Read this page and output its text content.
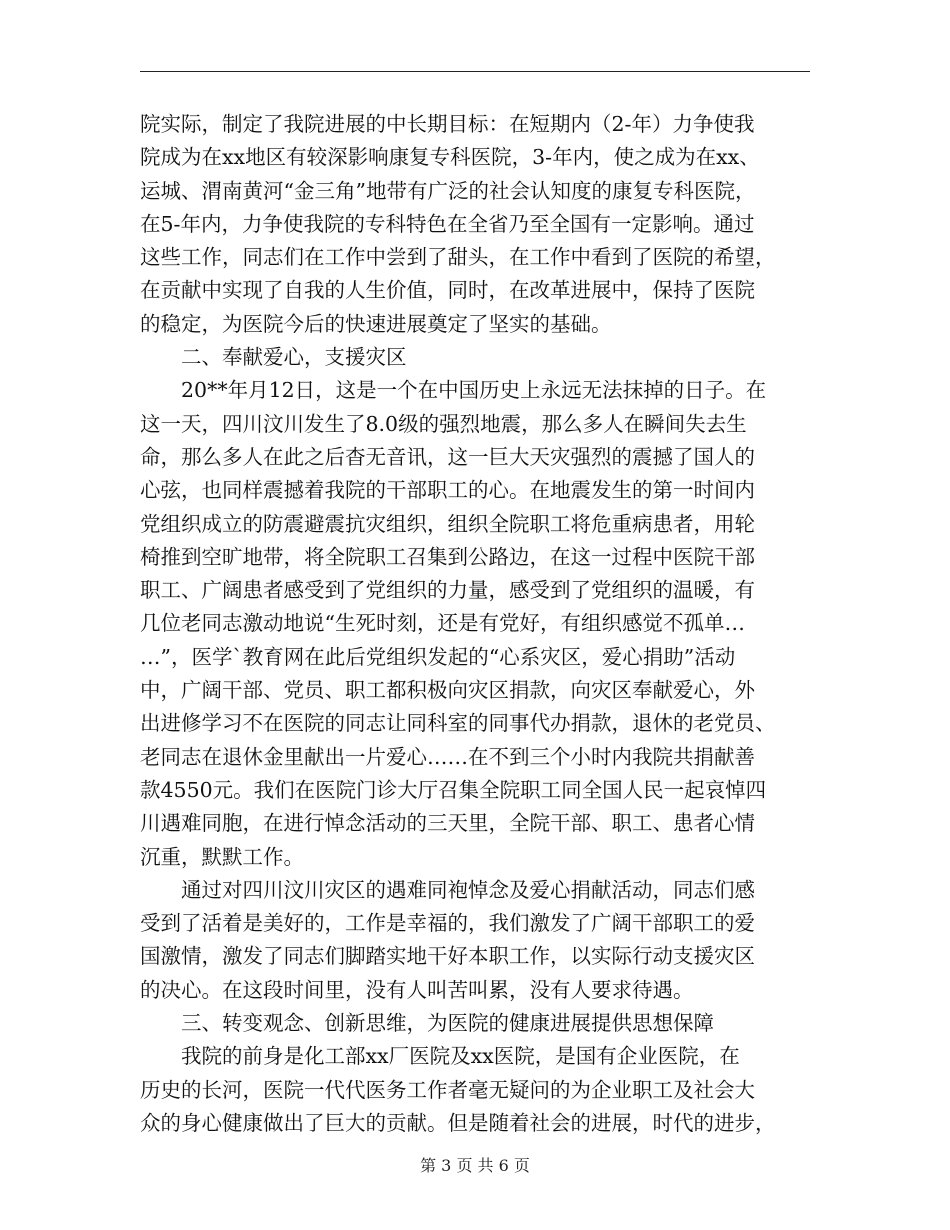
院实际，制定了我院进展的中长期目标：在短期内（2-年）力争使我
院成为在xx地区有较深影响康复专科医院，3-年内，使之成为在xx、
运城、渭南黄河“金三角”地带有广泛的社会认知度的康复专科医院，
在5-年内，力争使我院的专科特色在全省乃至全国有一定影响。通过
这些工作，同志们在工作中尝到了甜头，在工作中看到了医院的希望，
在贡献中实现了自我的人生价值，同时，在改革进展中，保持了医院
的稳定，为医院今后的快速进展奠定了坚实的基础。
　　二、奉献爱心，支援灾区
　　20**年月12日，这是一个在中国历史上永远无法抹掉的日子。在
这一天，四川汶川发生了8.0级的强烈地震，那么多人在瞬间失去生
命，那么多人在此之后杳无音讯，这一巨大天灾强烈的震撼了国人的
心弦，也同样震撼着我院的干部职工的心。在地震发生的第一时间内
党组织成立的防震避震抗灾组织，组织全院职工将危重病患者，用轮
椅推到空旷地带，将全院职工召集到公路边，在这一过程中医院干部
职工、广阔患者感受到了党组织的力量，感受到了党组织的温暖，有
几位老同志激动地说“生死时刻，还是有党好，有组织感觉不孤单…
…”，医学`教育网在此后党组织发起的“心系灾区，爱心捐助”活动
中，广阔干部、党员、职工都积极向灾区捐款，向灾区奉献爱心，外
出进修学习不在医院的同志让同科室的同事代办捐款，退休的老党员、
老同志在退休金里献出一片爱心……在不到三个小时内我院共捐献善
款4550元。我们在医院门诊大厅召集全院职工同全国人民一起哀悼四
川遇难同胞，在进行悼念活动的三天里，全院干部、职工、患者心情
沉重，默默工作。
　　通过对四川汶川灾区的遇难同袍悼念及爱心捐献活动，同志们感
受到了活着是美好的，工作是幸福的，我们激发了广阔干部职工的爱
国激情，激发了同志们脚踏实地干好本职工作，以实际行动支援灾区
的决心。在这段时间里，没有人叫苦叫累，没有人要求待遇。
　　三、转变观念、创新思维，为医院的健康进展提供思想保障
　　我院的前身是化工部xx厂医院及xx医院，是国有企业医院，在
历史的长河，医院一代代医务工作者毫无疑问的为企业职工及社会大
众的身心健康做出了巨大的贡献。但是随着社会的进展，时代的进步，
第 3 页 共 6 页
